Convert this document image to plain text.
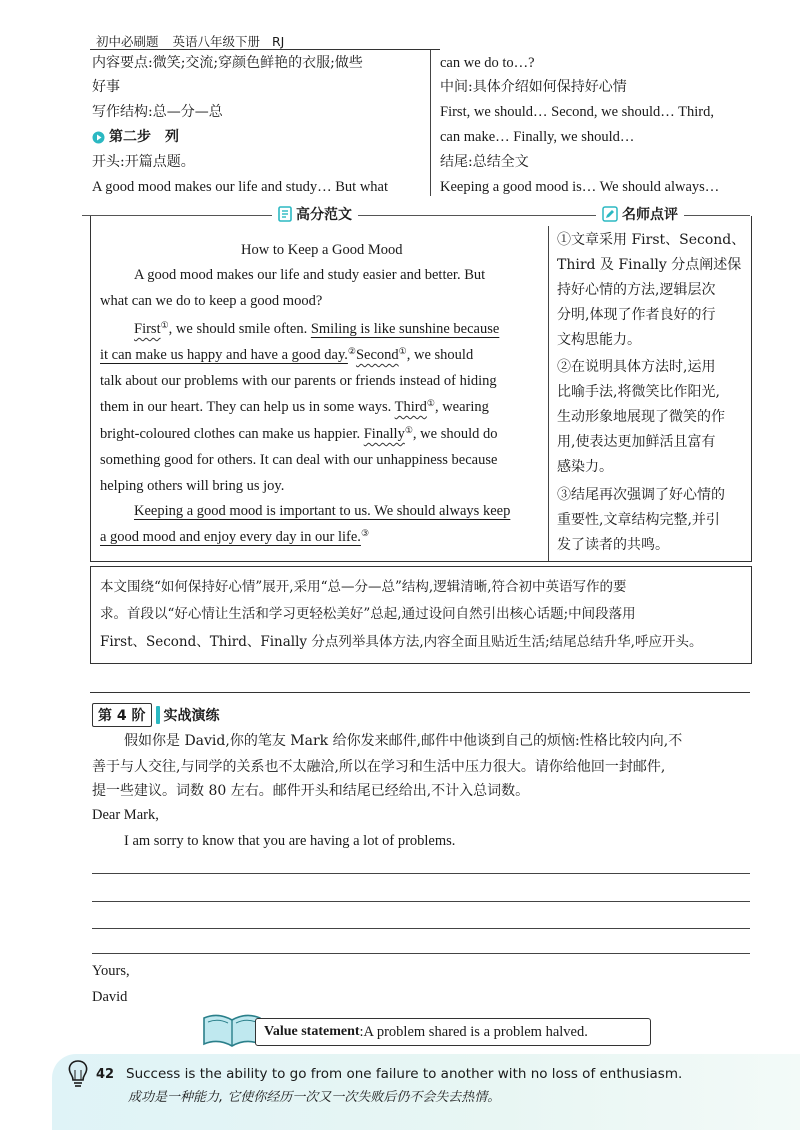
初中必刷题 英语八年级下册 RJ
内容要点:微笑;交流;穿颜色鲜艳的衣服;做些
好事
写作结构:总—分—总
第二步　列
开头:开篇点题。
A good mood makes our life and study… But what
can we do to…?
中间:具体介绍如何保持好心情
First, we should… Second, we should… Third,
can make… Finally, we should…
结尾:总结全文
Keeping a good mood is… We should always…
高分范文	名师点评
How to Keep a Good Mood
A good mood makes our life and study easier and better. But
what can we do to keep a good mood?
First①, we should smile often. Smiling is like sunshine because
it can make us happy and have a good day.②Second①, we should
talk about our problems with our parents or friends instead of hiding
them in our heart. They can help us in some ways. Third①, wearing
bright-coloured clothes can make us happier. Finally①, we should do
something good for others. It can deal with our unhappiness because
helping others will bring us joy.
Keeping a good mood is important to us. We should always keep
a good mood and enjoy every day in our life.③
①文章采用 First、Second、
Third 及 Finally 分点阐述保
持好心情的方法,逻辑层次
分明,体现了作者良好的行
文构思能力。
②在说明具体方法时,运用
比喻手法,将微笑比作阳光,
生动形象地展现了微笑的作
用,使表达更加鲜活且富有
感染力。
③结尾再次强调了好心情的
重要性,文章结构完整,并引
发了读者的共鸣。
本文围绕“如何保持好心情”展开,采用“总—分—总”结构,逻辑清晰,符合初中英语写作的要
求。首段以“好心情让生活和学习更轻松美好”总起,通过设问自然引出核心话题;中间段落用
First、Second、Third、Finally 分点列举具体方法,内容全面且贴近生活;结尾总结升华,呼应开头。
第 4 阶	实战演练
假如你是 David,你的笔友 Mark 给你发来邮件,邮件中他谈到自己的烦恼:性格比较内向,不
善于与人交往,与同学的关系也不太融洽,所以在学习和生活中压力很大。请你给他回一封邮件,
提一些建议。词数 80 左右。邮件开头和结尾已经给出,不计入总词数。
Dear Mark,
I am sorry to know that you are having a lot of problems.
Yours,
David
Value statement :A problem shared is a problem halved.
42 Success is the ability to go from one failure to another with no loss of enthusiasm.
成功是一种能力, 它使你经历一次又一次失败后仍不会失去热情。
